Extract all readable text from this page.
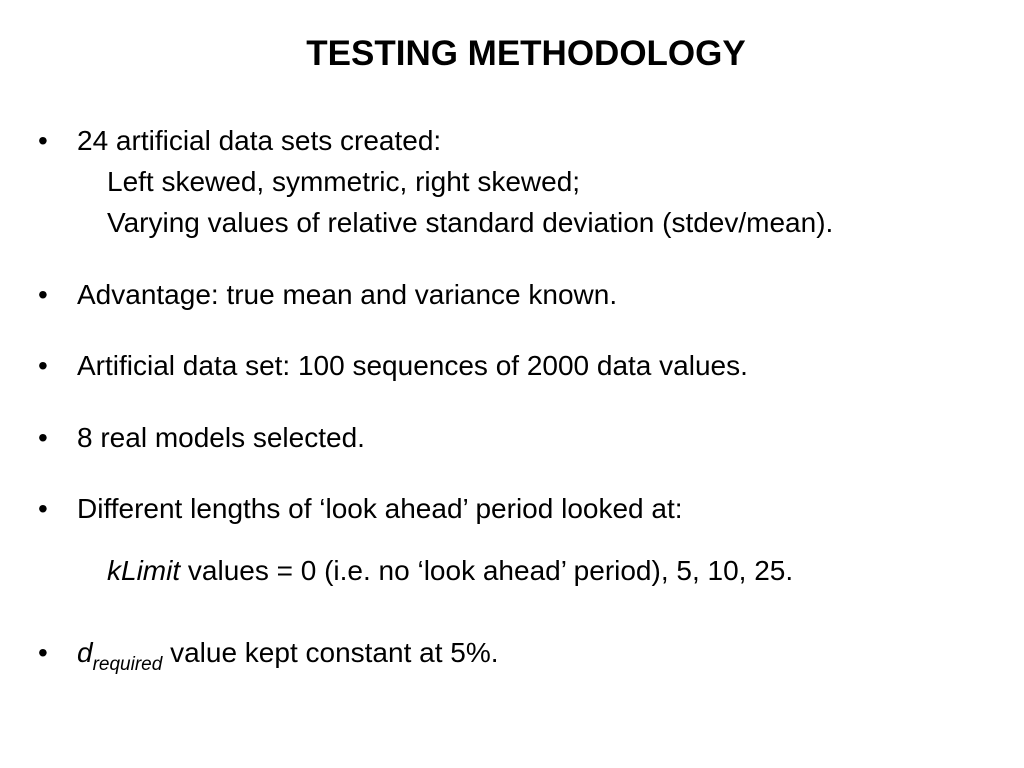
TESTING METHODOLOGY
• 24 artificial data sets created:
Left skewed, symmetric, right skewed;
Varying values of relative standard deviation (stdev/mean).
• Advantage: true mean and variance known.
• Artificial data set: 100 sequences of 2000 data values.
• 8 real models selected.
• Different lengths of ‘look ahead’ period looked at:
kLimit values = 0 (i.e. no ‘look ahead’ period), 5, 10, 25.
• $d_{required}$ value kept constant at 5%.
